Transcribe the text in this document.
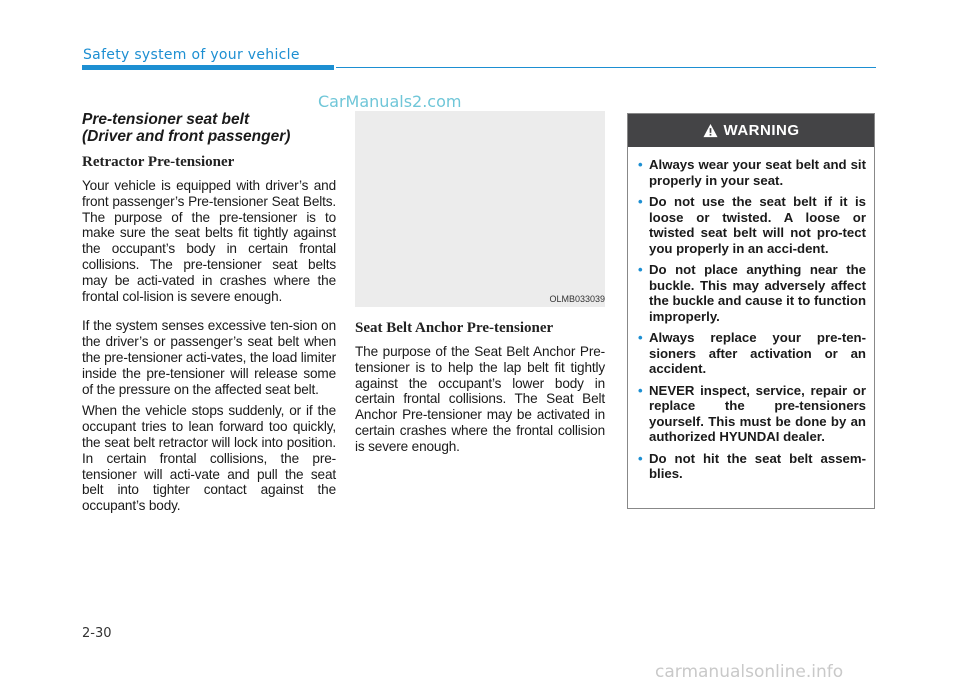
Safety system of your vehicle
CarManuals2.com

Pre-tensioner seat belt

(Driver and front passenger)

Retractor Pre-tensioner

Your vehicle is equipped with driver’s and front passenger’s Pre-tensioner Seat Belts. The purpose of the pre-tensioner is to make sure the seat belts fit tightly against the occupant’s body in certain frontal collisions. The pre-tensioner seat belts may be acti-vated in crashes where the frontal col-lision is severe enough.

If the system senses excessive ten-sion on the driver’s or passenger’s seat belt when the pre-tensioner acti-vates, the load limiter inside the pre-tensioner will release some of the pressure on the affected seat belt.

When the vehicle stops suddenly, or if the occupant tries to lean forward too quickly, the seat belt retractor will lock into position. In certain frontal collisions, the pre-tensioner will acti-vate and pull the seat belt into tighter contact against the occupant’s body.

OLMB033039

Seat Belt Anchor Pre-tensioner

The purpose of the Seat Belt Anchor Pre-tensioner is to help the lap belt fit tightly against the occupant’s lower body in certain frontal collisions. The Seat Belt Anchor Pre-tensioner may be activated in certain crashes where the frontal collision is severe enough.

WARNING
• Always wear your seat belt and sit properly in your seat.
• Do not use the seat belt if it is loose or twisted. A loose or twisted seat belt will not pro-tect you properly in an acci-dent.
• Do not place anything near the buckle. This may adversely affect the buckle and cause it to function improperly.
• Always replace your pre-ten-sioners after activation or an accident.
• NEVER inspect, service, repair or replace the pre-tensioners yourself. This must be done by an authorized HYUNDAI dealer.
• Do not hit the seat belt assem-blies.
2-30
carmanualsonline.info
